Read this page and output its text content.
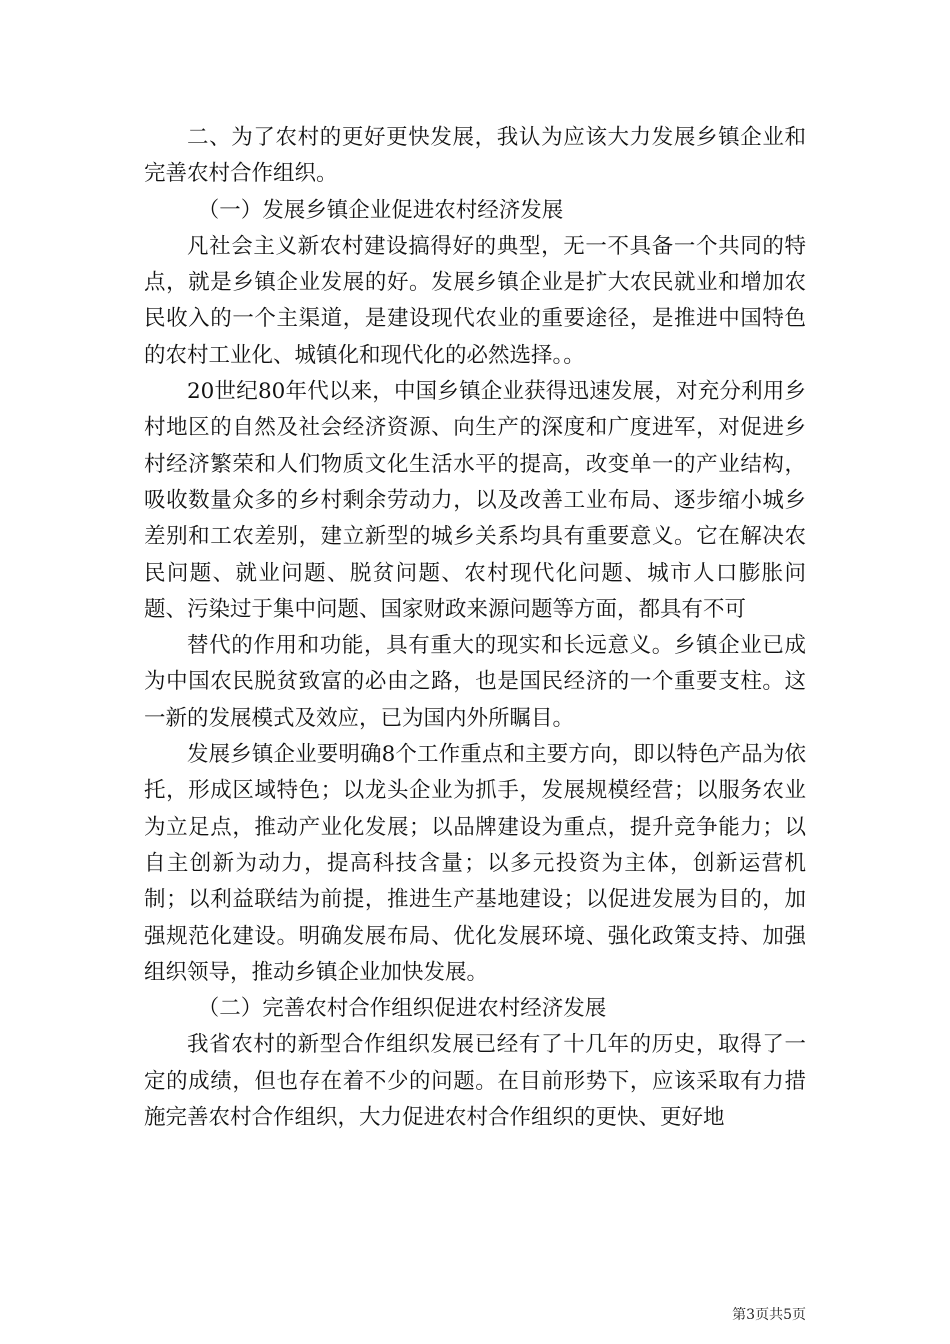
二、为了农村的更好更快发展，我认为应该大力发展乡镇企业和完善农村合作组织。

（一）发展乡镇企业促进农村经济发展

凡社会主义新农村建设搞得好的典型，无一不具备一个共同的特点，就是乡镇企业发展的好。发展乡镇企业是扩大农民就业和增加农民收入的一个主渠道，是建设现代农业的重要途径，是推进中国特色的农村工业化、城镇化和现代化的必然选择。。

20世纪80年代以来，中国乡镇企业获得迅速发展，对充分利用乡村地区的自然及社会经济资源、向生产的深度和广度进军，对促进乡村经济繁荣和人们物质文化生活水平的提高，改变单一的产业结构，吸收数量众多的乡村剩余劳动力，以及改善工业布局、逐步缩小城乡差别和工农差别，建立新型的城乡关系均具有重要意义。它在解决农民问题、就业问题、脱贫问题、农村现代化问题、城市人口膨胀问题、污染过于集中问题、国家财政来源问题等方面，都具有不可

替代的作用和功能，具有重大的现实和长远意义。乡镇企业已成为中国农民脱贫致富的必由之路，也是国民经济的一个重要支柱。这一新的发展模式及效应，已为国内外所瞩目。

发展乡镇企业要明确8个工作重点和主要方向，即以特色产品为依托，形成区域特色；以龙头企业为抓手，发展规模经营；以服务农业为立足点，推动产业化发展；以品牌建设为重点，提升竞争能力；以自主创新为动力，提高科技含量；以多元投资为主体，创新运营机制；以利益联结为前提，推进生产基地建设；以促进发展为目的，加强规范化建设。明确发展布局、优化发展环境、强化政策支持、加强组织领导，推动乡镇企业加快发展。

（二）完善农村合作组织促进农村经济发展

我省农村的新型合作组织发展已经有了十几年的历史，取得了一定的成绩，但也存在着不少的问题。在目前形势下，应该采取有力措施完善农村合作组织，大力促进农村合作组织的更快、更好地

第3页共5页
